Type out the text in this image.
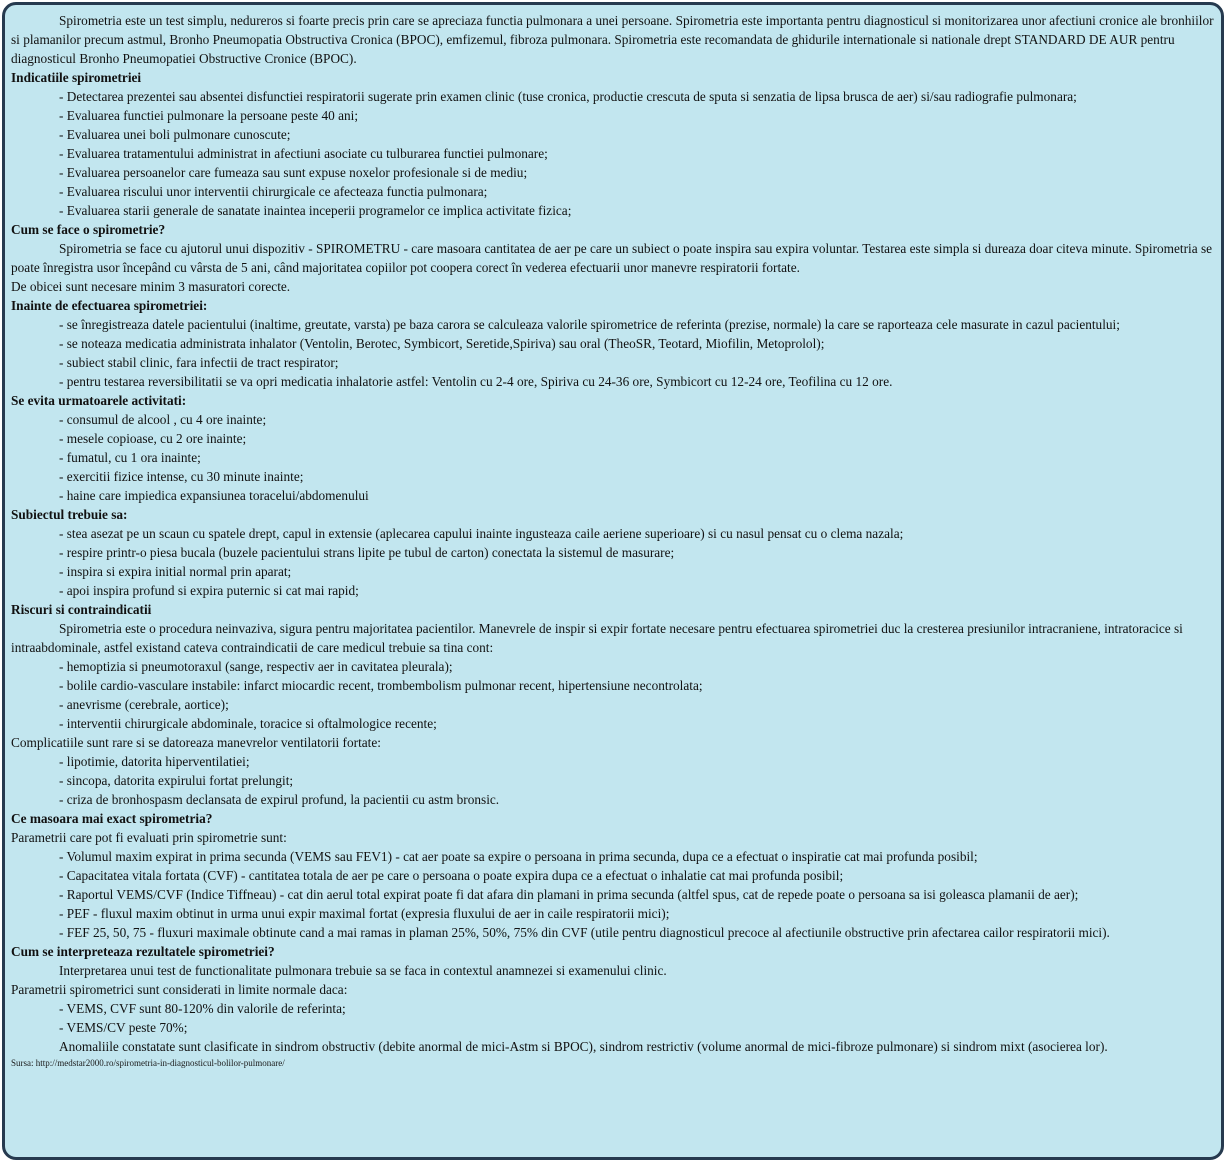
Spirometria este un test simplu, nedureros si foarte precis prin care se apreciaza functia pulmonara a unei persoane. Spirometria este importanta pentru diagnosticul si monitorizarea unor afectiuni cronice ale bronhiilor si plamanilor precum astmul, Bronho Pneumopatia Obstructiva Cronica (BPOC), emfizemul, fibroza pulmonara. Spirometria este recomandata de ghidurile internationale si nationale drept STANDARD DE AUR pentru diagnosticul Bronho Pneumopatiei Obstructive Cronice (BPOC).

Indicatiile spirometriei

- Detectarea prezentei sau absentei disfunctiei respiratorii sugerate prin examen clinic (tuse cronica, productie crescuta de sputa si senzatia de lipsa brusca de aer) si/sau radiografie pulmonara;

- Evaluarea functiei pulmonare la persoane peste 40 ani;

- Evaluarea unei boli pulmonare cunoscute;

- Evaluarea tratamentului administrat in afectiuni asociate cu tulburarea functiei pulmonare;

- Evaluarea persoanelor care fumeaza sau sunt expuse noxelor profesionale si de mediu;

- Evaluarea riscului unor interventii chirurgicale ce afecteaza functia pulmonara;

- Evaluarea starii generale de sanatate inaintea inceperii programelor ce implica activitate fizica;

Cum se face o spirometrie?

Spirometria se face cu ajutorul unui dispozitiv - SPIROMETRU - care masoara cantitatea de aer pe care un subiect o poate inspira sau expira voluntar. Testarea este simpla si dureaza doar citeva minute. Spirometria se poate înregistra usor începând cu vârsta de 5 ani, când majoritatea copiilor pot coopera corect în vederea efectuarii unor manevre respiratorii fortate.

De obicei sunt necesare minim 3 masuratori corecte.

Inainte de efectuarea spirometriei:

- se înregistreaza datele pacientului (inaltime, greutate, varsta) pe baza carora se calculeaza valorile spirometrice de referinta (prezise, normale) la care se raporteaza cele masurate in cazul pacientului;

- se noteaza medicatia administrata inhalator (Ventolin, Berotec, Symbicort, Seretide,Spiriva) sau oral (TheoSR, Teotard, Miofilin, Metoprolol);

- subiect stabil clinic, fara infectii de tract respirator;

- pentru testarea reversibilitatii se va opri medicatia inhalatorie astfel: Ventolin cu 2-4 ore, Spiriva cu 24-36 ore, Symbicort cu 12-24 ore, Teofilina cu 12 ore.

Se evita urmatoarele activitati:

- consumul de alcool , cu 4 ore inainte;

- mesele copioase, cu 2 ore inainte;

- fumatul, cu 1 ora inainte;

- exercitii fizice intense, cu 30 minute inainte;

- haine care impiedica expansiunea toracelui/abdomenului

Subiectul trebuie sa:

- stea asezat pe un scaun cu spatele drept, capul in extensie (aplecarea capului inainte ingusteaza caile aeriene superioare) si cu nasul pensat cu o clema nazala;

- respire printr-o piesa bucala (buzele pacientului strans lipite pe tubul de carton) conectata la sistemul de masurare;

- inspira si expira initial normal prin aparat;

- apoi inspira profund si expira puternic si cat mai rapid;

Riscuri si contraindicatii

Spirometria este o procedura neinvaziva, sigura pentru majoritatea pacientilor. Manevrele de inspir si expir fortate necesare pentru efectuarea spirometriei duc la cresterea presiunilor intracraniene, intratoracice si intraabdominale, astfel existand cateva contraindicatii de care medicul trebuie sa tina cont:

- hemoptizia si pneumotoraxul (sange, respectiv aer in cavitatea pleurala);

- bolile cardio-vasculare instabile: infarct miocardic recent, trombembolism pulmonar recent, hipertensiune necontrolata;

- anevrisme (cerebrale, aortice);

- interventii chirurgicale abdominale, toracice si oftalmologice recente;

Complicatiile sunt rare si se datoreaza manevrelor ventilatorii fortate:

- lipotimie, datorita hiperventilatiei;

- sincopa, datorita expirului fortat prelungit;

- criza de bronhospasm declansata de expirul profund, la pacientii cu astm bronsic.

Ce masoara mai exact spirometria?

Parametrii care pot fi evaluati prin spirometrie sunt:

- Volumul maxim expirat in prima secunda (VEMS sau FEV1) - cat aer poate sa expire o persoana in prima secunda, dupa ce a efectuat o inspiratie cat mai profunda posibil;

- Capacitatea vitala fortata (CVF) - cantitatea totala de aer pe care o persoana o poate expira dupa ce a efectuat o inhalatie cat mai profunda posibil;

- Raportul VEMS/CVF (Indice Tiffneau) - cat din aerul total expirat poate fi dat afara din plamani in prima secunda (altfel spus, cat de repede poate o persoana sa isi goleasca plamanii de aer);

- PEF - fluxul maxim obtinut in urma unui expir maximal fortat (expresia fluxului de aer in caile respiratorii mici);

- FEF 25, 50, 75 - fluxuri maximale obtinute cand a mai ramas in plaman 25%, 50%, 75% din CVF (utile pentru diagnosticul precoce al afectiunile obstructive prin afectarea cailor respiratorii mici).

Cum se interpreteaza rezultatele spirometriei?

Interpretarea unui test de functionalitate pulmonara trebuie sa se faca in contextul anamnezei si examenului clinic.

Parametrii spirometrici sunt considerati in limite normale daca:

- VEMS, CVF sunt 80-120% din valorile de referinta;

- VEMS/CV peste 70%;

Anomaliile constatate sunt clasificate in sindrom obstructiv (debite anormal de mici-Astm si BPOC), sindrom restrictiv (volume anormal de mici-fibroze pulmonare) si sindrom mixt (asocierea lor).

Sursa: http://medstar2000.ro/spirometria-in-diagnosticul-bolilor-pulmonare/
